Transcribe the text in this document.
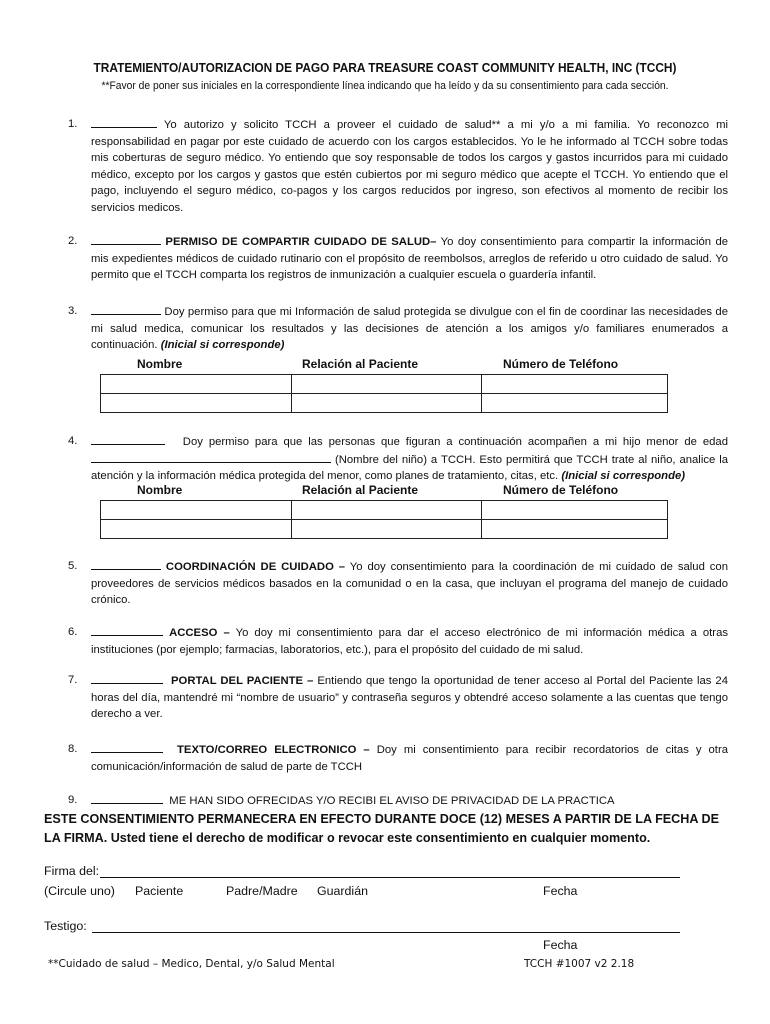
TRATEMIENTO/AUTORIZACION DE PAGO PARA TREASURE COAST COMMUNITY HEALTH, INC (TCCH)
**Favor de poner sus iniciales en la correspondiente línea indicando que ha leído y da su consentimiento para cada sección.
1.	Yo autorizo y solicito TCCH a proveer el cuidado de salud** a mi y/o a mi familia. Yo reconozco mi responsabilidad en pagar por este cuidado de acuerdo con los cargos establecidos. Yo le he informado al TCCH sobre todas mis coberturas de seguro médico. Yo entiendo que soy responsable de todos los cargos y gastos incurridos para mi cuidado médico, excepto por los cargos y gastos que estén cubiertos por mi seguro médico que acepte el TCCH. Yo entiendo que el pago, incluyendo el seguro médico, co-pagos y los cargos reducidos por ingreso, son efectivos al momento de recibir los servicios medicos.
2.	PERMISO DE COMPARTIR CUIDADO DE SALUD– Yo doy consentimiento para compartir la información de mis expedientes médicos de cuidado rutinario con el propósito de reembolsos, arreglos de referido u otro cuidado de salud. Yo permito que el TCCH comparta los registros de inmunización a cualquier escuela o guardería infantil.
3.	Doy permiso para que mi Información de salud protegida se divulgue con el fin de coordinar las necesidades de mi salud medica, comunicar los resultados y las decisiones de atención a los amigos y/o familiares enumerados a continuación. (Inicial si corresponde)
Nombre	Relación al Paciente	Número de Teléfono

4.	Doy permiso para que las personas que figuran a continuación acompañen a mi hijo menor de edad  (Nombre del niño) a TCCH. Esto permitirá que TCCH trate al niño, analice la atención y la información médica protegida del menor, como planes de tratamiento, citas, etc. (Inicial si corresponde)
Nombre	Relación al Paciente	Número de Teléfono

5.	COORDINACIÓN DE CUIDADO – Yo doy consentimiento para la coordinación de mi cuidado de salud con proveedores de servicios médicos basados en la comunidad o en la casa, que incluyan el programa del manejo de cuidado crónico.
6.	ACCESO – Yo doy mi consentimiento para dar el acceso electrónico de mi información médica a otras instituciones (por ejemplo; farmacias, laboratorios, etc.), para el propósito del cuidado de mi salud.
7.	PORTAL DEL PACIENTE – Entiendo que tengo la oportunidad de tener acceso al Portal del Paciente las 24 horas del día, mantendré mi “nombre de usuario” y contraseña seguros y obtendré acceso solamente a las cuentas que tengo derecho a ver.
8.	TEXTO/CORREO ELECTRONICO – Doy mi consentimiento para recibir recordatorios de citas y otra comunicación/información de salud de parte de TCCH
9.	ME HAN SIDO OFRECIDAS Y/O RECIBI EL AVISO DE PRIVACIDAD DE LA PRACTICA
ESTE CONSENTIMIENTO PERMANECERA EN EFECTO DURANTE DOCE (12) MESES A PARTIR DE LA FECHA DE LA FIRMA. Usted tiene el derecho de modificar o revocar este consentimiento en cualquier momento.
Firma del:
(Circule uno) Paciente	Padre/Madre Guardián	Fecha
Testigo:
Fecha
**Cuidado de salud – Medico, Dental, y/o Salud Mental	TCCH #1007 v2 2.18
